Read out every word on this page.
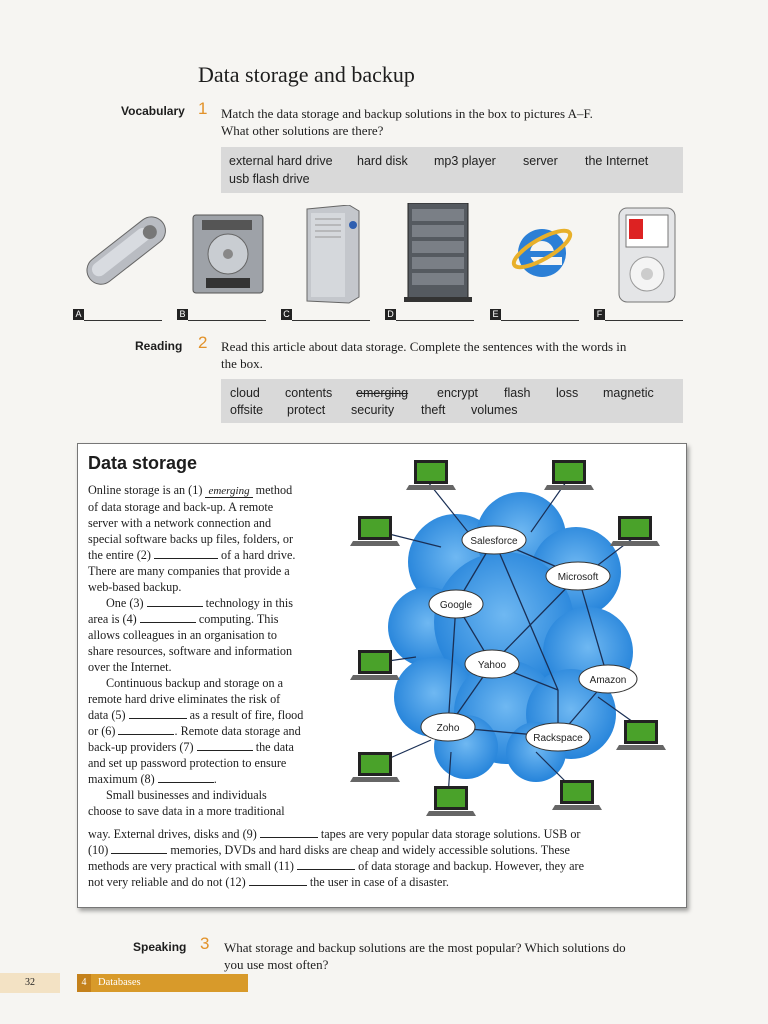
Data storage and backup
Vocabulary 1 Match the data storage and backup solutions in the box to pictures A–F.
What other solutions are there?
external hard drive hard disk mp3 player server the Internet
usb flash drive
A	B	C	D	E	F
Reading 2 Read this article about data storage. Complete the sentences with the words in
the box.
cloud contents emerging encrypt flash loss magnetic
offsite protect security theft volumes
Data storage
Salesforce
Microsoft
Google
Yahoo
Amazon
Zoho
Rackspace
Online storage is an (1) emerging method
of data storage and back-up. A remote
server with a network connection and
special software backs up files, folders, or
the entire (2)	of a hard drive.
There are many companies that provide a
web-based backup.
One (3)	technology in this
area is (4)	computing. This
allows colleagues in an organisation to
share resources, software and information
over the Internet.
Continuous backup and storage on a
remote hard drive eliminates the risk of
data (5)	as a result of fire, flood
or (6)	. Remote data storage and
back-up providers (7)	the data
and set up password protection to ensure
maximum (8)	.
Small businesses and individuals
choose to save data in a more traditional
way. External drives, disks and (9)	tapes are very popular data storage solutions. USB or
(10)	memories, DVDs and hard disks are cheap and widely accessible solutions. These
methods are very practical with small (11)	of data storage and backup. However, they are
not very reliable and do not (12)	the user in case of a disaster.
Speaking 3 What storage and backup solutions are the most popular? Which solutions do
you use most often?
32	4	Databases
